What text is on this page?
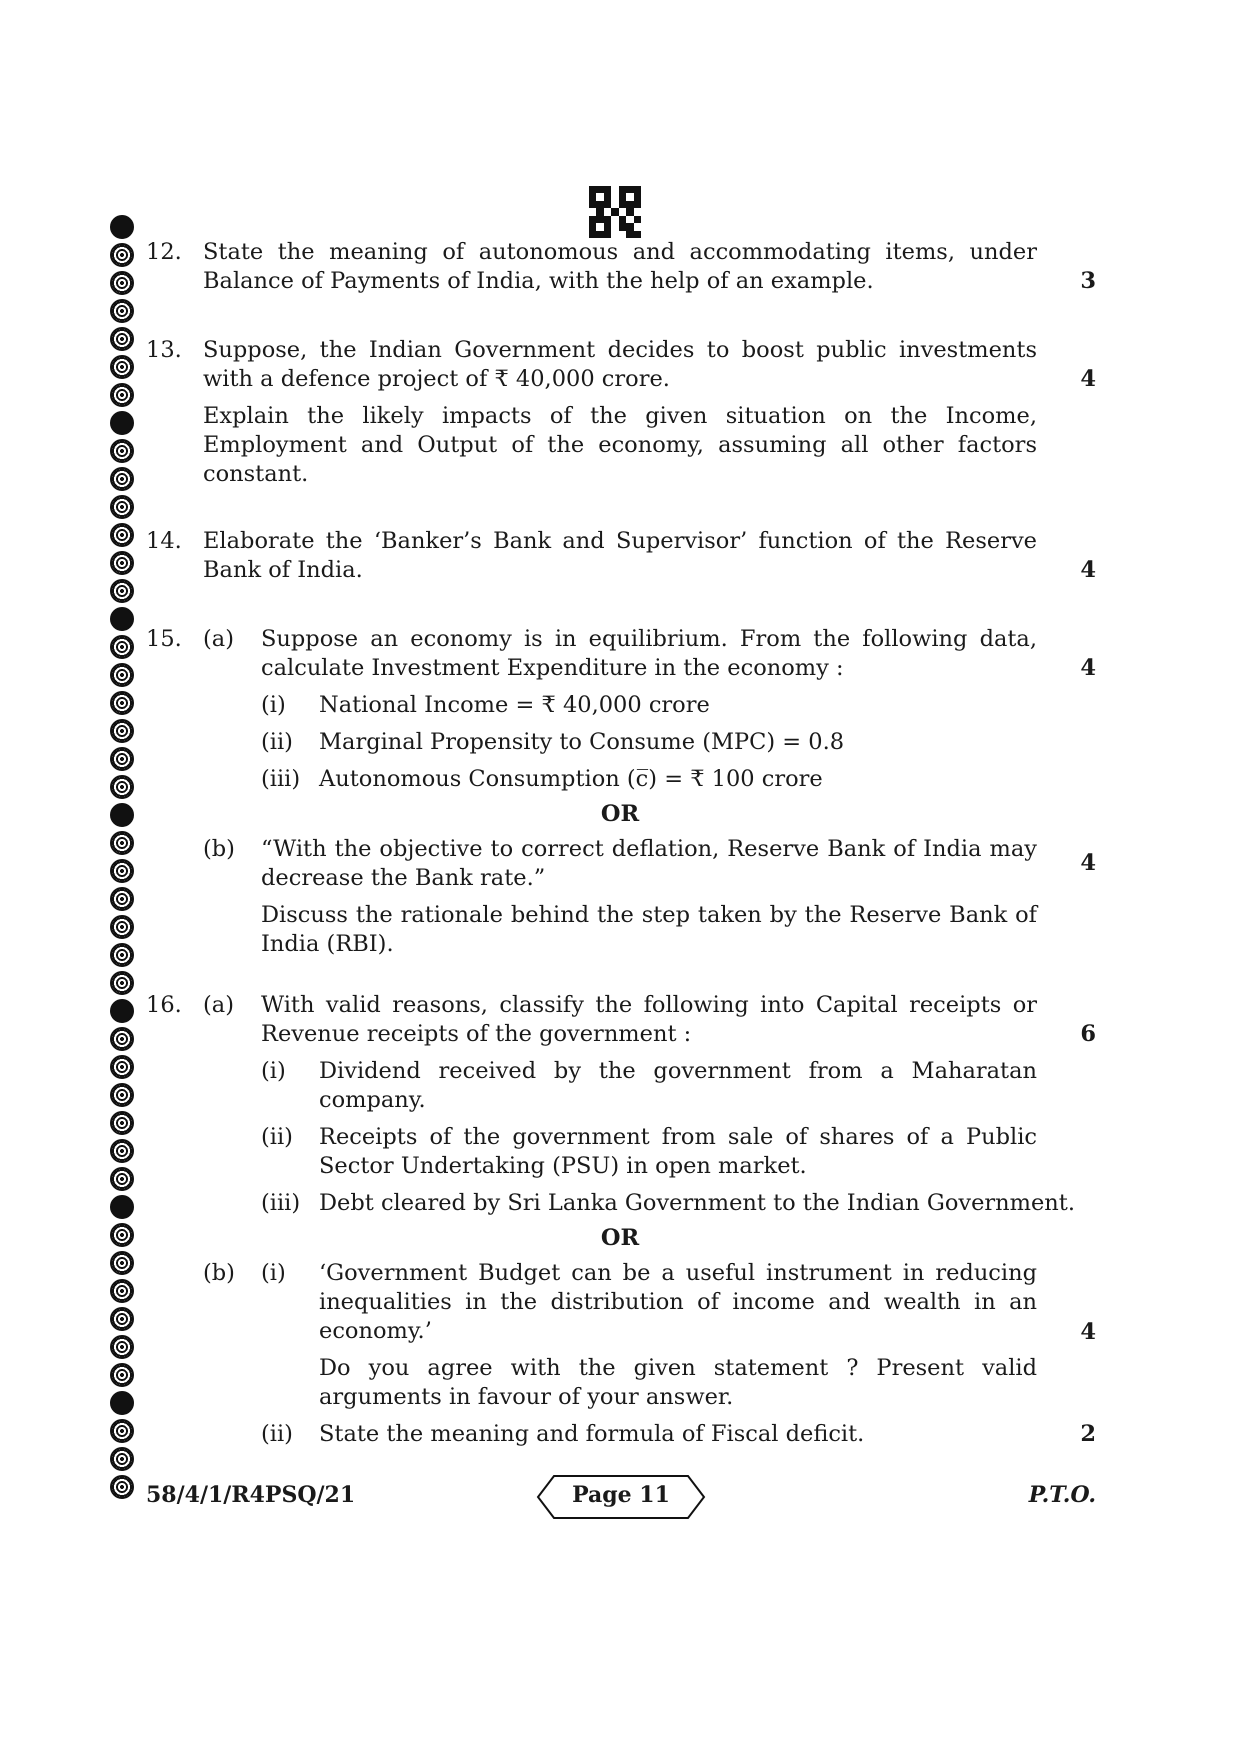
12. State the meaning of autonomous and accommodating items, under Balance of Payments of India, with the help of an example.	3
13. Suppose, the Indian Government decides to boost public investments with a defence project of ₹ 40,000 crore.
Explain the likely impacts of the given situation on the Income, Employment and Output of the economy, assuming all other factors constant.
4
14. Elaborate the ‘Banker’s Bank and Supervisor’ function of the Reserve Bank of India.	4
15. (a) Suppose an economy is in equilibrium. From the following data, calculate Investment Expenditure in the economy :
(i) National Income = ₹ 40,000 crore
(ii) Marginal Propensity to Consume (MPC) = 0.8
(iii) Autonomous Consumption (c̅) = ₹ 100 crore
OR
(b) “With the objective to correct deflation, Reserve Bank of India may decrease the Bank rate.”
Discuss the rationale behind the step taken by the Reserve Bank of India (RBI).
4
4
16. (a) With valid reasons, classify the following into Capital receipts or Revenue receipts of the government :
(i) Dividend received by the government from a Maharatan company.
(ii) Receipts of the government from sale of shares of a Public Sector Undertaking (PSU) in open market.
(iii) Debt cleared by Sri Lanka Government to the Indian Government.
OR
(b) (i) ‘Government Budget can be a useful instrument in reducing inequalities in the distribution of income and wealth in an economy.’
Do you agree with the given statement ? Present valid arguments in favour of your answer.
(ii) State the meaning and formula of Fiscal deficit.
6
4
2
58/4/1/R4PSQ/21	Page 11	P.T.O.
